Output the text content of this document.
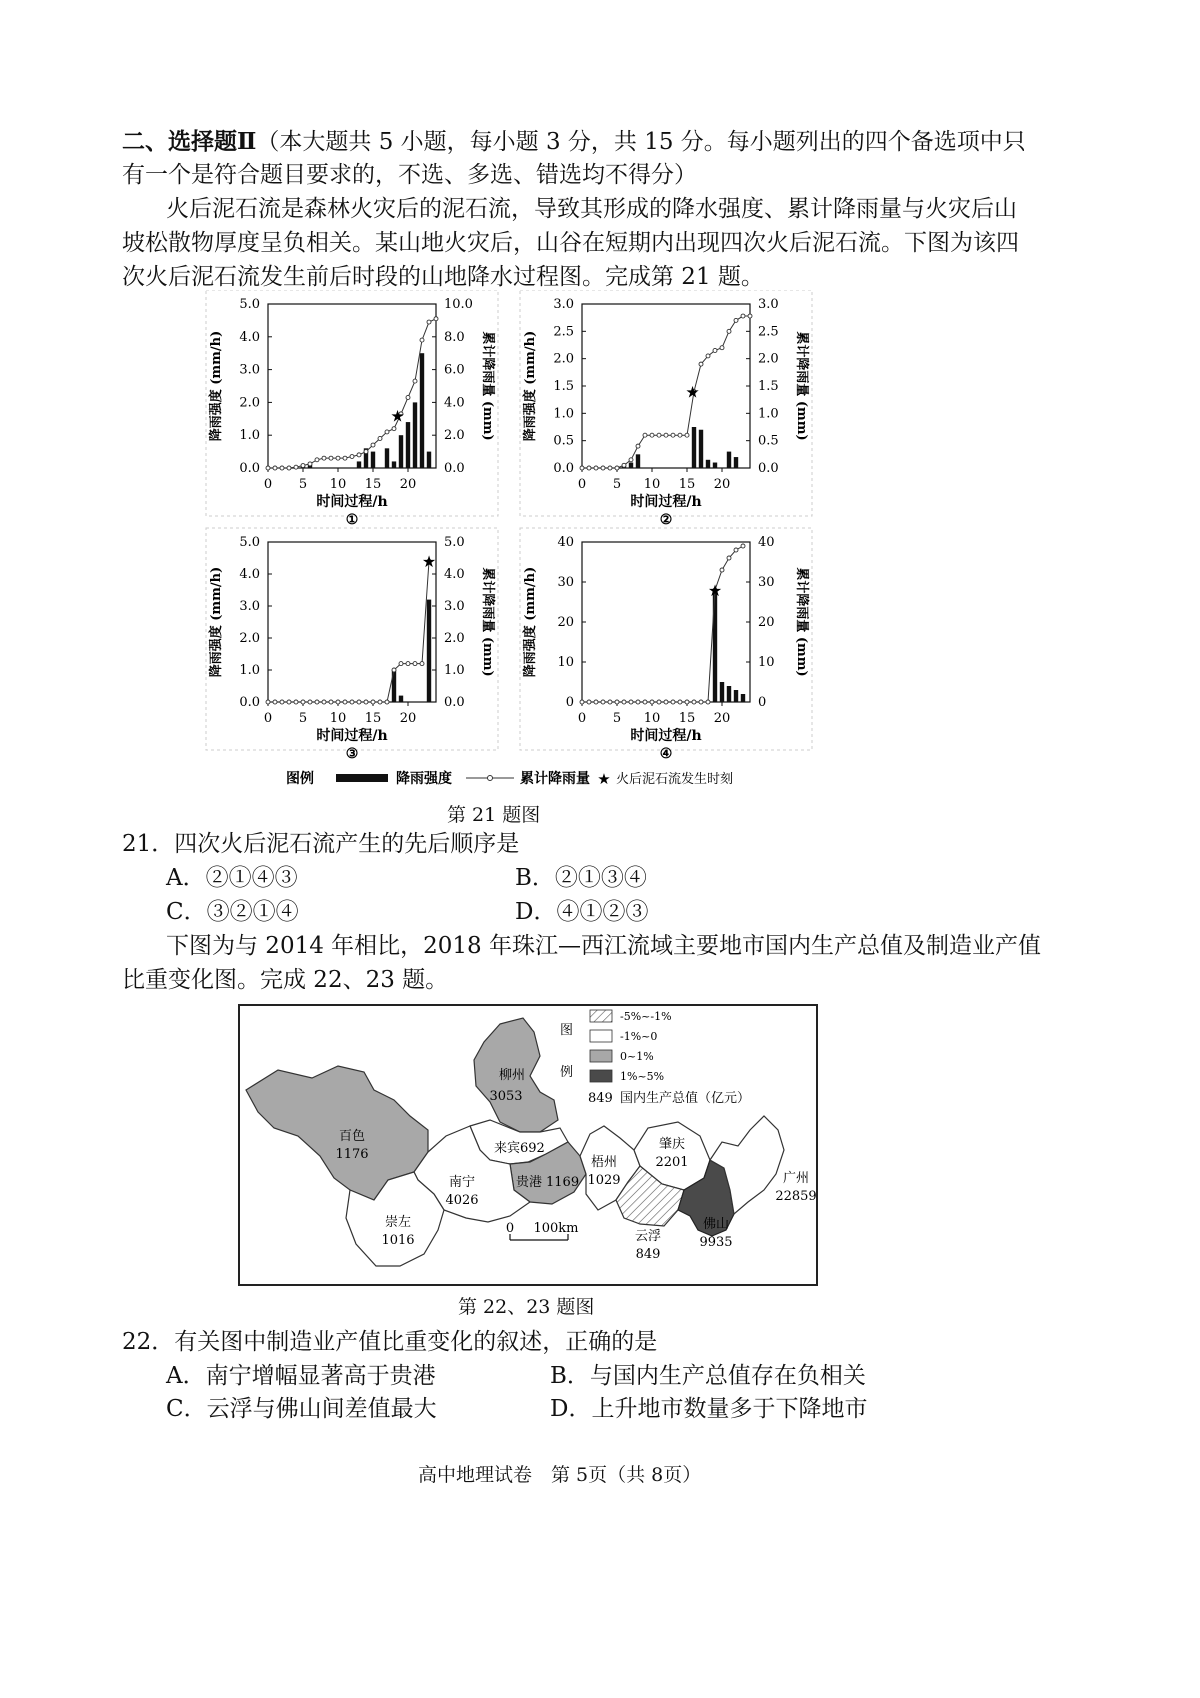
二、选择题Ⅱ（本大题共 5 小题，每小题 3 分，共 15 分。每小题列出的四个备选项中只
有一个是符合题目要求的，不选、多选、错选均不得分）
火后泥石流是森林火灾后的泥石流，导致其形成的降水强度、累计降雨量与火灾后山
坡松散物厚度呈负相关。某山地火灾后，山谷在短期内出现四次火后泥石流。下图为该四
次火后泥石流发生前后时段的山地降水过程图。完成第 21 题。
0.0
1.0
2.0
3.0
4.0
5.0
0.0
2.0
4.0
6.0
8.0
10.0
0 5 10 15 20
时间过程/h
降雨强度 (mm/h)	累计降雨量 (mm)
①
★
0.0
0.5
1.0
1.5
2.0
2.5
3.0
0.0
0.5
1.0
1.5
2.0
2.5
3.0
0 5 10 15 20
时间过程/h
降雨强度 (mm/h)	累计降雨量 (mm)
②
★
0.0
1.0
2.0
3.0
4.0
5.0
0.0
1.0
2.0
3.0
4.0
5.0
0 5 10 15 20
时间过程/h
降雨强度 (mm/h)	累计降雨量 (mm)
③
★
0
10
20
30
40
0
10
20
30
40
0 5 10 15 20
时间过程/h
降雨强度 (mm/h)	累计降雨量 (mm)
④
★
图例	降雨强度	累计降雨量 ★ 火后泥石流发生时刻
第 21 题图
21．四次火后泥石流产生的先后顺序是
A．②①④③	B．②①③④
C．③②①④	D．④①②③
下图为与 2014 年相比，2018 年珠江—西江流域主要地市国内生产总值及制造业产值
比重变化图。完成 22、23 题。
柳州
3053
百色
1176	来宾692
贵港 1169
南宁
4026
梧州
1029
肇庆
2201
广州
22859
崇左
1016	云浮
849
佛山
9935
0 100km
图
例
-5%~-1%
-1%~0
0~1%
1%~5%
849 国内生产总值（亿元）
第 22、23 题图
22．有关图中制造业产值比重变化的叙述，正确的是
A．南宁增幅显著高于贵港	B．与国内生产总值存在负相关
C．云浮与佛山间差值最大	D．上升地市数量多于下降地市
高中地理试卷　第 5页（共 8页）
